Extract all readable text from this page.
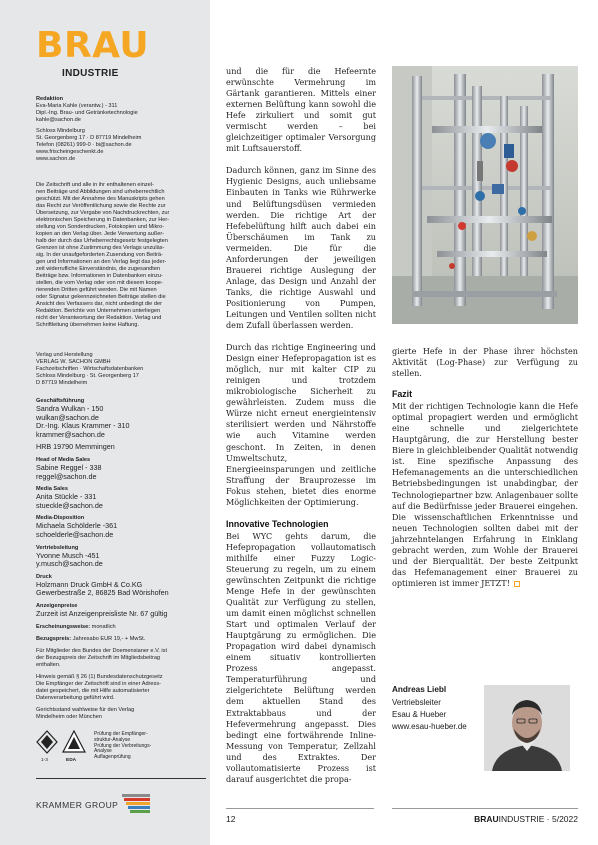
BRAU
INDUSTRIE
Redaktion
Eva-Maria Kahle (verantw.) - 311
Dipl.-Ing. Brau- und Getränketechnologie
kahle@sachon.de
Schloss Mindelburg
St. Georgenberg 17 · D 87719 Mindelheim
Telefon (08261) 999-0 · bi@sachon.de
www.frischeingeschenkt.de
www.sachon.de
Die Zeitschrift und alle in ihr enthaltenen einzel-
nen Beiträge und Abbildungen sind urheberrechtlich
geschützt. Mit der Annahme des Manuskripts gehen
das Recht zur Veröffentlichung sowie die Rechte zur
Übersetzung, zur Vergabe von Nachdruckrechten, zur
elektronischen Speicherung in Datenbanken, zur Her-
stellung von Sonderdrucken, Fotokopien und Mikro-
kopien an den Verlag über. Jede Verwertung außer-
halb der durch das Urheberrechtsgesetz festgelegten
Grenzen ist ohne Zustimmung des Verlags unzuläs-
sig. In der unaufgeforderten Zusendung von Beiträ-
gen und Informationen an den Verlag liegt das jeder-
zeit widerrufliche Einverständnis, die zugesandten
Beiträge bzw. Informationen in Datenbanken einzu-
stellen, die vom Verlag oder von mit diesem koope-
rierenden Dritten geführt werden. Die mit Namen
oder Signatur gekennzeichneten Beiträge stellen die
Ansicht des Verfassers dar, nicht unbedingt die der
Redaktion. Berichte von Unternehmen unterliegen
nicht der Verantwortung der Redaktion. Verlag und
Schriftleitung übernehmen keine Haftung.
Verlag und Herstellung
VERLAG W. SACHON GMBH
Fachzeitschriften · Wirtschaftsdatenbanken
Schloss Mindelburg · St. Georgenberg 17
D 87719 Mindelheim
Geschäftsführung
Sandra Wulkan - 150
wulkan@sachon.de
Dr.-Ing. Klaus Krammer - 310
krammer@sachon.de
HRB 19790 Memmingen
Head of Media Sales
Sabine Reggel - 338
reggel@sachon.de
Media Sales
Anita Stückle - 331
stueckle@sachon.de
Media-Disposition
Michaela Schölderle -361
schoelderle@sachon.de
Vertriebsleitung
Yvonne Musch -451
y.musch@sachon.de
Druck
Holzmann Druck GmbH & Co.KG
Gewerbestraße 2, 86825 Bad Wörishofen
Anzeigenpreise
Zurzeit ist Anzeigenpreisliste Nr. 67 gültig
Erscheinungsweise: monatlich
Bezugspreis: Jahresabo EUR 19,- + MwSt.
Für Mitglieder des Bundes der Doemensianer e.V. ist
der Bezugspreis der Zeitschrift im Mitgliedsbeitrag
enthalten.
Hinweis gemäß § 26 (1) Bundesdatenschutzgesetz
Die Empfänger der Zeitschrift sind in einer Adress-
datei gespeichert, die mit Hilfe automatisierter
Datenverarbeitung geführt wird.
Gerichtsstand wahlweise für den Verlag
Mindelheim oder München
1-3	EDA
Prüfung der Empfänger-
struktur-Analyse
Prüfung der Verbreitungs-
Analyse
Auflagenprüfung
KRAMMER GROUP

und die für die Hefeernte erwünschte Vermehrung im Gärtank garantieren. Mittels einer externen Belüftung kann sowohl die Hefe zirkuliert und somit gut vermischt werden – bei gleichzeitiger optimaler Versorgung mit Luftsauerstoff.

Dadurch können, ganz im Sinne des Hygienic Designs, auch unliebsame Einbauten in Tanks wie Rührwerke und Belüftungsdüsen vermieden werden. Die richtige Art der Hefebelüftung hilft auch dabei ein Überschäumen im Tank zu vermeiden. Die für die Anforderungen der jeweiligen Brauerei richtige Auslegung der Anlage, das Design und Anzahl der Tanks, die richtige Auswahl und Positionierung von Pumpen, Leitungen und Ventilen sollten nicht dem Zufall überlassen werden.

Durch das richtige Engineering und Design einer Hefepropagation ist es möglich, nur mit kalter CIP zu reinigen und trotzdem mikrobiologische Sicherheit zu gewährleisten. Zudem muss die Würze nicht erneut energieintensiv sterilisiert werden und Nährstoffe wie auch Vitamine werden geschont. In Zeiten, in denen Umweltschutz, Energieeinsparungen und zeitliche Straffung der Brauprozesse im Fokus stehen, bietet dies enorme Möglichkeiten der Optimierung.

Innovative Technologien

Bei WYC gehts darum, die Hefepropagation vollautomatisch mithilfe einer Fuzzy Logic-Steuerung zu regeln, um zu einem gewünschten Zeitpunkt die richtige Menge Hefe in der gewünschten Qualität zur Verfügung zu stellen, um damit einen möglichst schnellen Start und optimalen Verlauf der Hauptgärung zu ermöglichen. Die Propagation wird dabei dynamisch einem situativ kontrollierten Prozess angepasst. Temperaturführung und zielgerichtete Belüftung werden dem aktuellen Stand des Extraktabbaus und der Hefevermehrung angepasst. Dies bedingt eine fortwährende Inline-Messung von Temperatur, Zellzahl und des Extraktes. Der vollautomatisierte Prozess ist darauf ausgerichtet die propa-

gierte Hefe in der Phase ihrer höchsten Aktivität (Log-Phase) zur Verfügung zu stellen.

Fazit

Mit der richtigen Technologie kann die Hefe optimal propagiert werden und ermöglicht eine schnelle und zielgerichtete Hauptgärung, die zur Herstellung bester Biere in gleichbleibender Qualität notwendig ist. Eine spezifische Anpassung des Hefemanagements an die unterschiedlichen Betriebsbedingungen ist unabdingbar, der Technologiepartner bzw. Anlagenbauer sollte auf die Bedürfnisse jeder Brauerei eingehen. Die wissenschaftlichen Erkenntnisse und neuen Technologien sollten dabei mit der jahrzehntelangen Erfahrung in Einklang gebracht werden, zum Wohle der Brauerei und der Bierqualität. Der beste Zeitpunkt das Hefemanagement einer Brauerei zu optimieren ist immer JETZT!

Andreas Liebl
Vertriebsleiter
Esau & Hueber
www.esau-hueber.de
12	BRAUINDUSTRIE · 5/2022
